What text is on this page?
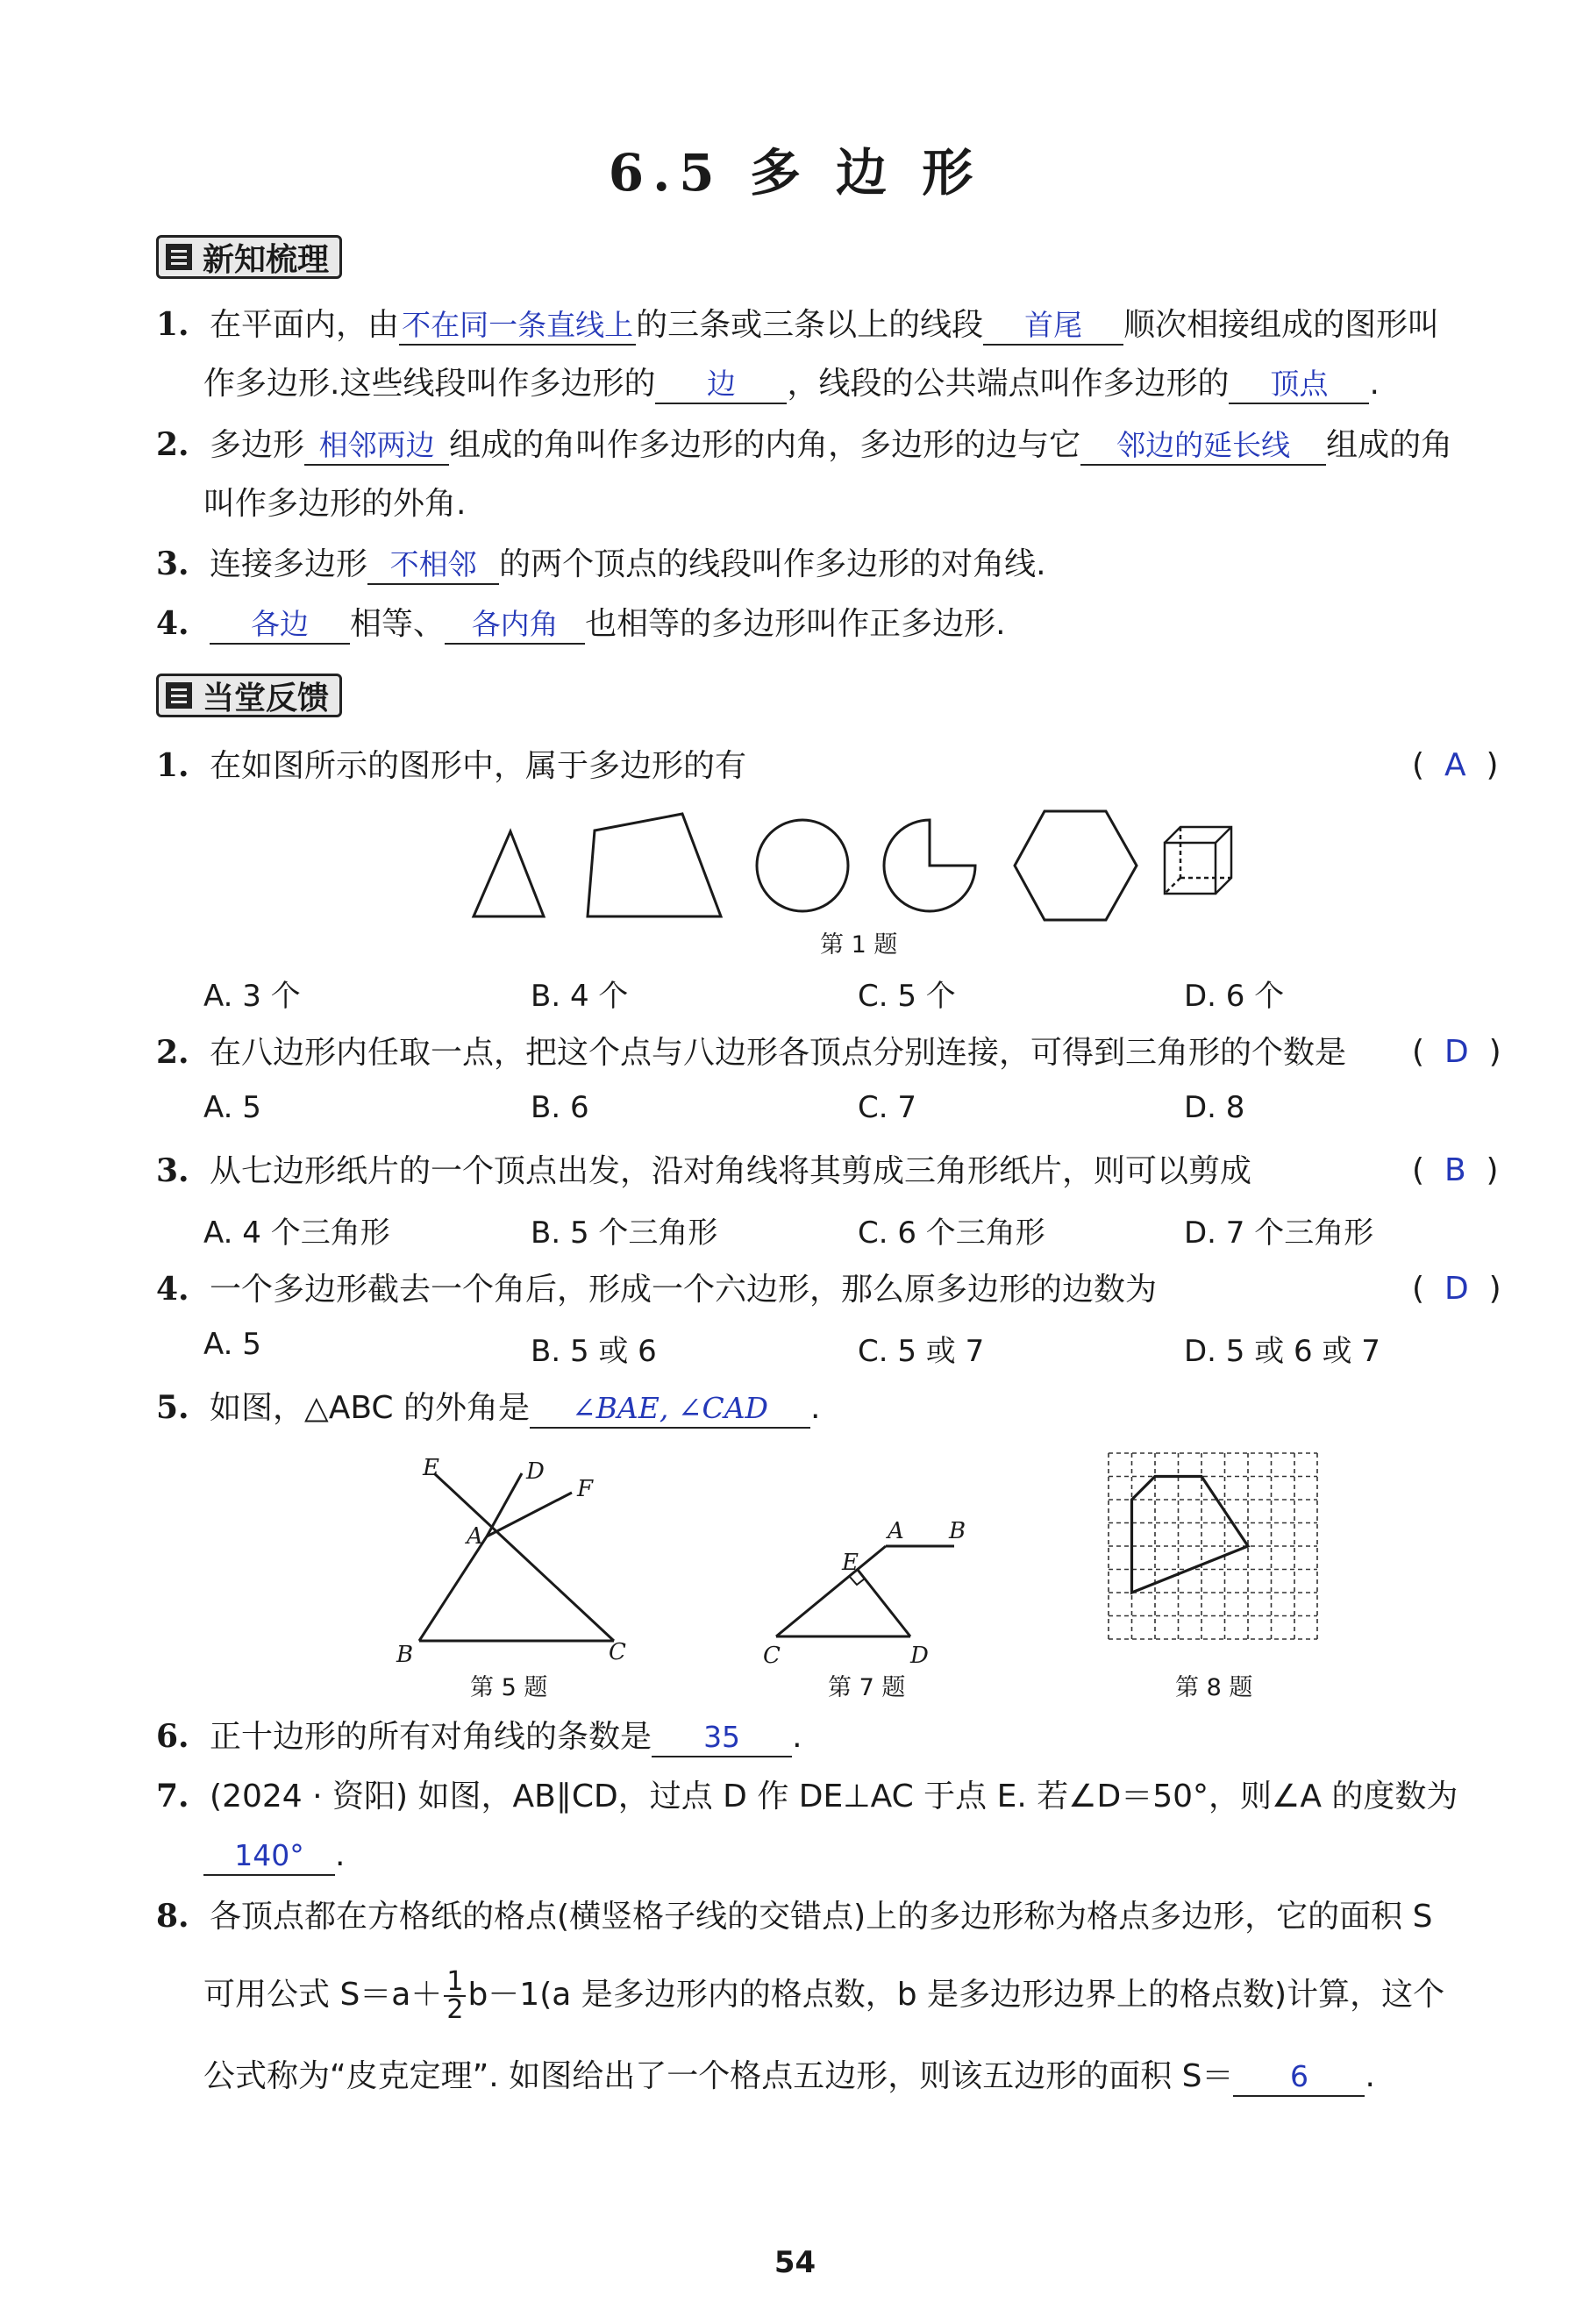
6.5 多 边 形
新知梳理
1. 在平面内，由不在同一条直线上的三条或三条以上的线段 首尾 顺次相接组成的图形叫
作多边形.这些线段叫作多边形的 边 ，线段的公共端点叫作多边形的 顶点 .
2. 多边形 相邻两边 组成的角叫作多边形的内角，多边形的边与它 邻边的延长线 组成的角
叫作多边形的外角.
3. 连接多边形 不相邻 的两个顶点的线段叫作多边形的对角线.
4. 各边 相等、 各内角 也相等的多边形叫作正多边形.
当堂反馈
1. 在如图所示的图形中，属于多边形的有	( A )
第 1 题
A. 3 个	B. 4 个	C. 5 个	D. 6 个
2. 在八边形内任取一点，把这个点与八边形各顶点分别连接，可得到三角形的个数是 ( D )
A. 5	B. 6	C. 7	D. 8
3. 从七边形纸片的一个顶点出发，沿对角线将其剪成三角形纸片，则可以剪成	( B )
A. 4 个三角形	B. 5 个三角形	C. 6 个三角形	D. 7 个三角形
4. 一个多边形截去一个角后，形成一个六边形，那么原多边形的边数为	( D )
A. 5	B. 5 或 6	C. 5 或 7	D. 5 或 6 或 7
5. 如图，△ABC 的外角是 ∠BAE, ∠CAD .
E	D
F
A
B	C
第 5 题
A B
E
C	D
第 7 题	第 8 题
6. 正十边形的所有对角线的条数是 35 .
7. (2024 · 资阳) 如图，AB∥CD，过点 D 作 DE⊥AC 于点 E. 若∠D＝50°，则∠A 的度数为
140° .
8. 各顶点都在方格纸的格点(横竖格子线的交错点)上的多边形称为格点多边形，它的面积 S
可用公式 $S=a+ \frac{1}{2} b-1(a$ 是多边形内的格点数，b 是多边形边界上的格点数)计算，这个
公式称为“皮克定理”. 如图给出了一个格点五边形，则该五边形的面积 S＝ 6 .
54
